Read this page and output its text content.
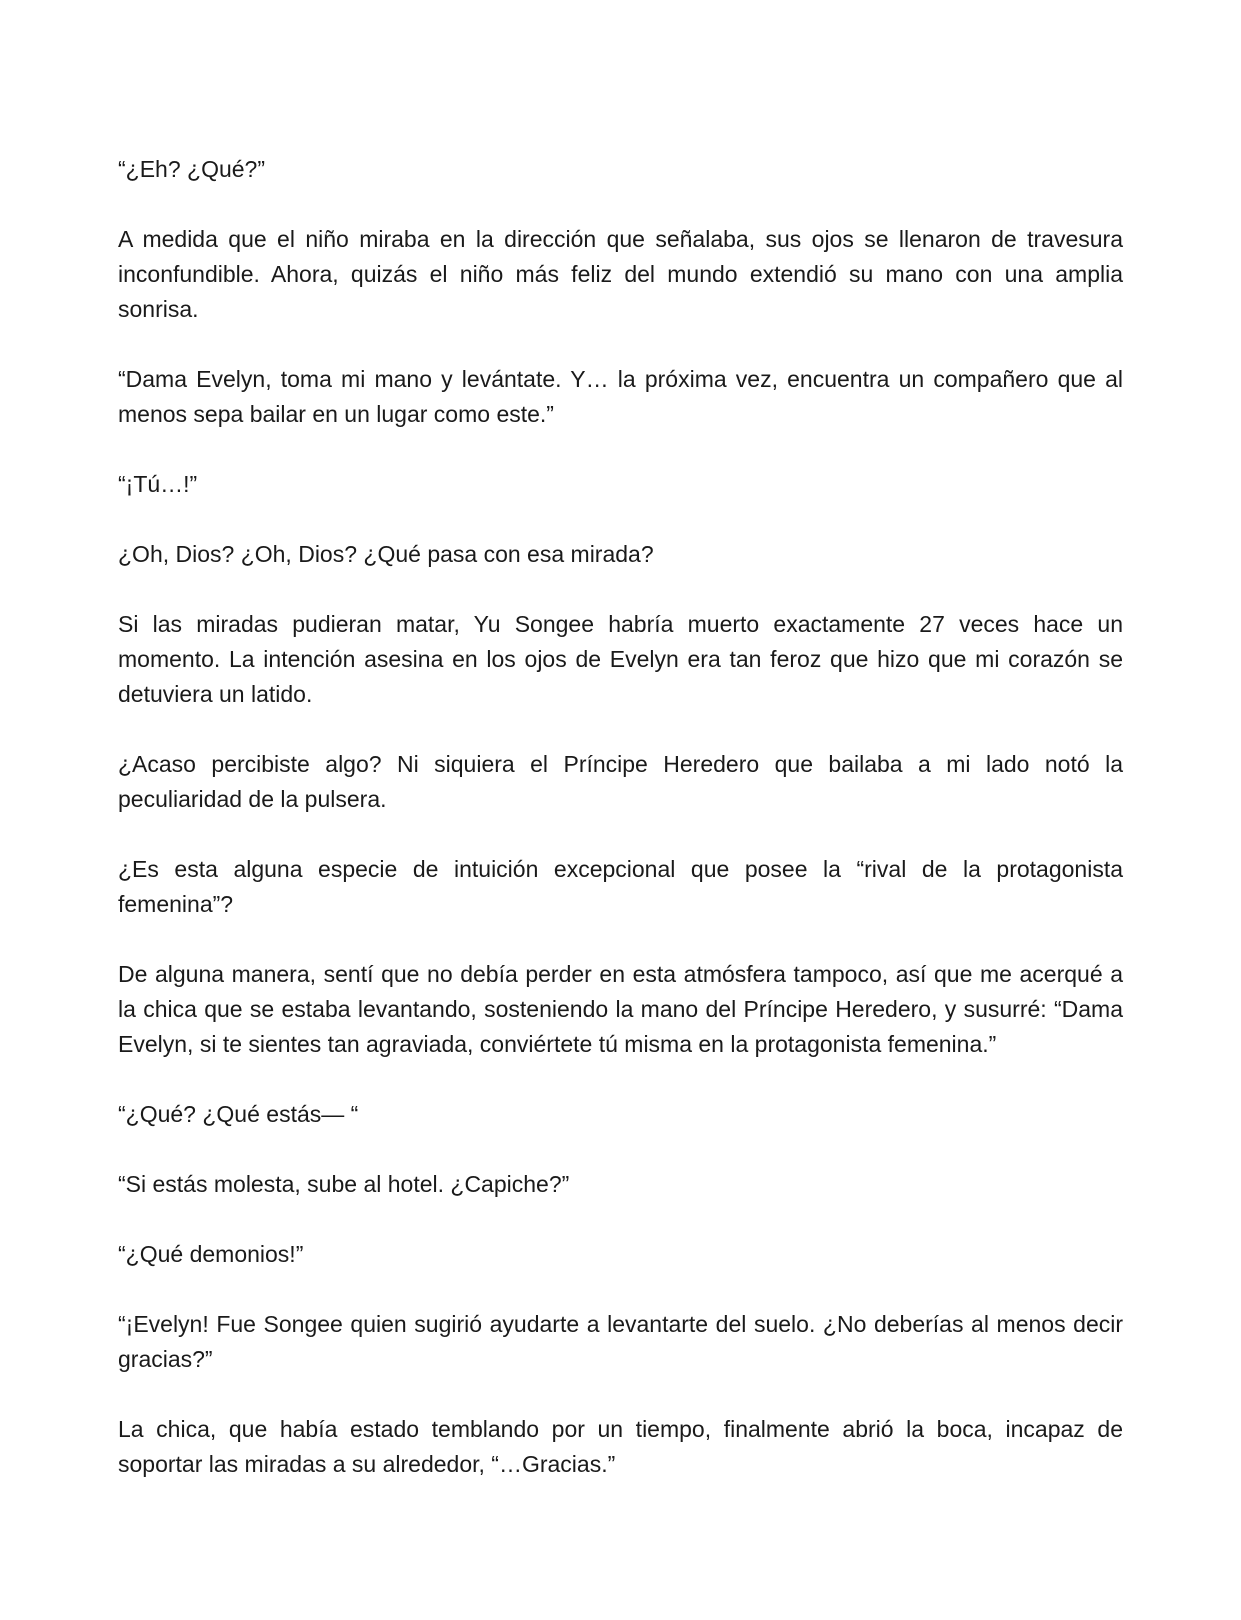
“¿Eh? ¿Qué?”

A medida que el niño miraba en la dirección que señalaba, sus ojos se llenaron de travesura inconfundible. Ahora, quizás el niño más feliz del mundo extendió su mano con una amplia sonrisa.

“Dama Evelyn, toma mi mano y levántate. Y… la próxima vez, encuentra un compañero que al menos sepa bailar en un lugar como este.”

“¡Tú…!”

¿Oh, Dios? ¿Oh, Dios? ¿Qué pasa con esa mirada?

Si las miradas pudieran matar, Yu Songee habría muerto exactamente 27 veces hace un momento. La intención asesina en los ojos de Evelyn era tan feroz que hizo que mi corazón se detuviera un latido.

¿Acaso percibiste algo? Ni siquiera el Príncipe Heredero que bailaba a mi lado notó la peculiaridad de la pulsera.

¿Es esta alguna especie de intuición excepcional que posee la “rival de la protagonista femenina”?

De alguna manera, sentí que no debía perder en esta atmósfera tampoco, así que me acerqué a la chica que se estaba levantando, sosteniendo la mano del Príncipe Heredero, y susurré: “Dama Evelyn, si te sientes tan agraviada, conviértete tú misma en la protagonista femenina.”

“¿Qué? ¿Qué estás— “

“Si estás molesta, sube al hotel. ¿Capiche?”

“¿Qué demonios!”

“¡Evelyn! Fue Songee quien sugirió ayudarte a levantarte del suelo. ¿No deberías al menos decir gracias?”

La chica, que había estado temblando por un tiempo, finalmente abrió la boca, incapaz de soportar las miradas a su alrededor, “…Gracias.”
